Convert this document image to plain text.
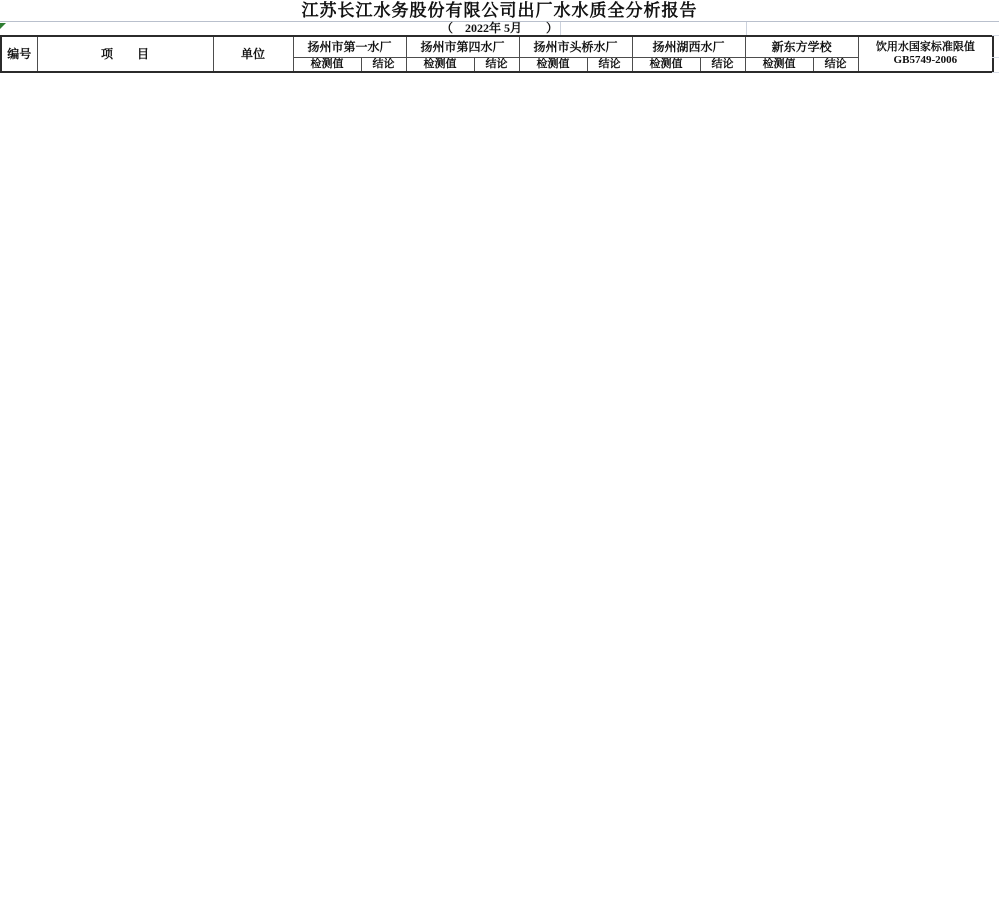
江苏长江水务股份有限公司出厂水水质全分析报告
（　2022年 5月　　）
编号	项　　目	单位	扬州市第一水厂		扬州市第四水厂		扬州市头桥水厂		扬州湖西水厂		新东方学校		饮用水国家标准限值
GB5749-2006

			检测值	结论	检测值	结论	检测值	结论	检测值	结论	检测值	结论	
